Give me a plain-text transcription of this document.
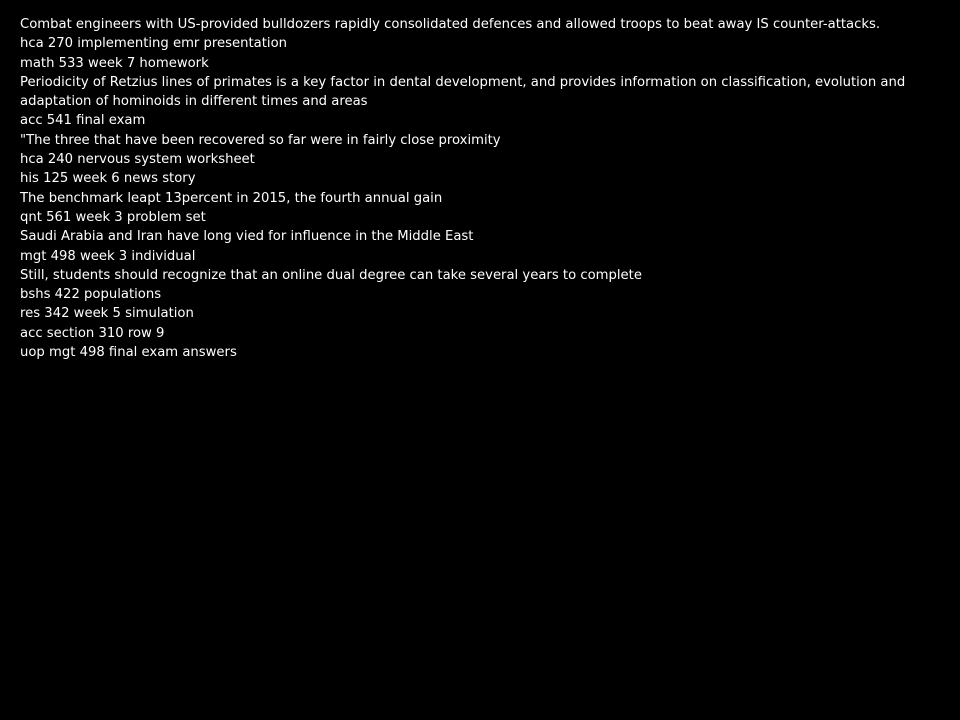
Combat engineers with US-provided bulldozers rapidly consolidated defences and allowed troops to beat away IS counter-attacks.
hca 270 implementing emr presentation
math 533 week 7 homework
Periodicity of Retzius lines of primates is a key factor in dental development, and provides information on classification, evolution and adaptation of hominoids in different times and areas
acc 541 final exam
"The three that have been recovered so far were in fairly close proximity
hca 240 nervous system worksheet
his 125 week 6 news story
The benchmark leapt 13percent in 2015, the fourth annual gain
qnt 561 week 3 problem set
Saudi Arabia and Iran have long vied for influence in the Middle East
mgt 498 week 3 individual
Still, students should recognize that an online dual degree can take several years to complete
bshs 422 populations
res 342 week 5 simulation
acc section 310 row 9
uop mgt 498 final exam answers
